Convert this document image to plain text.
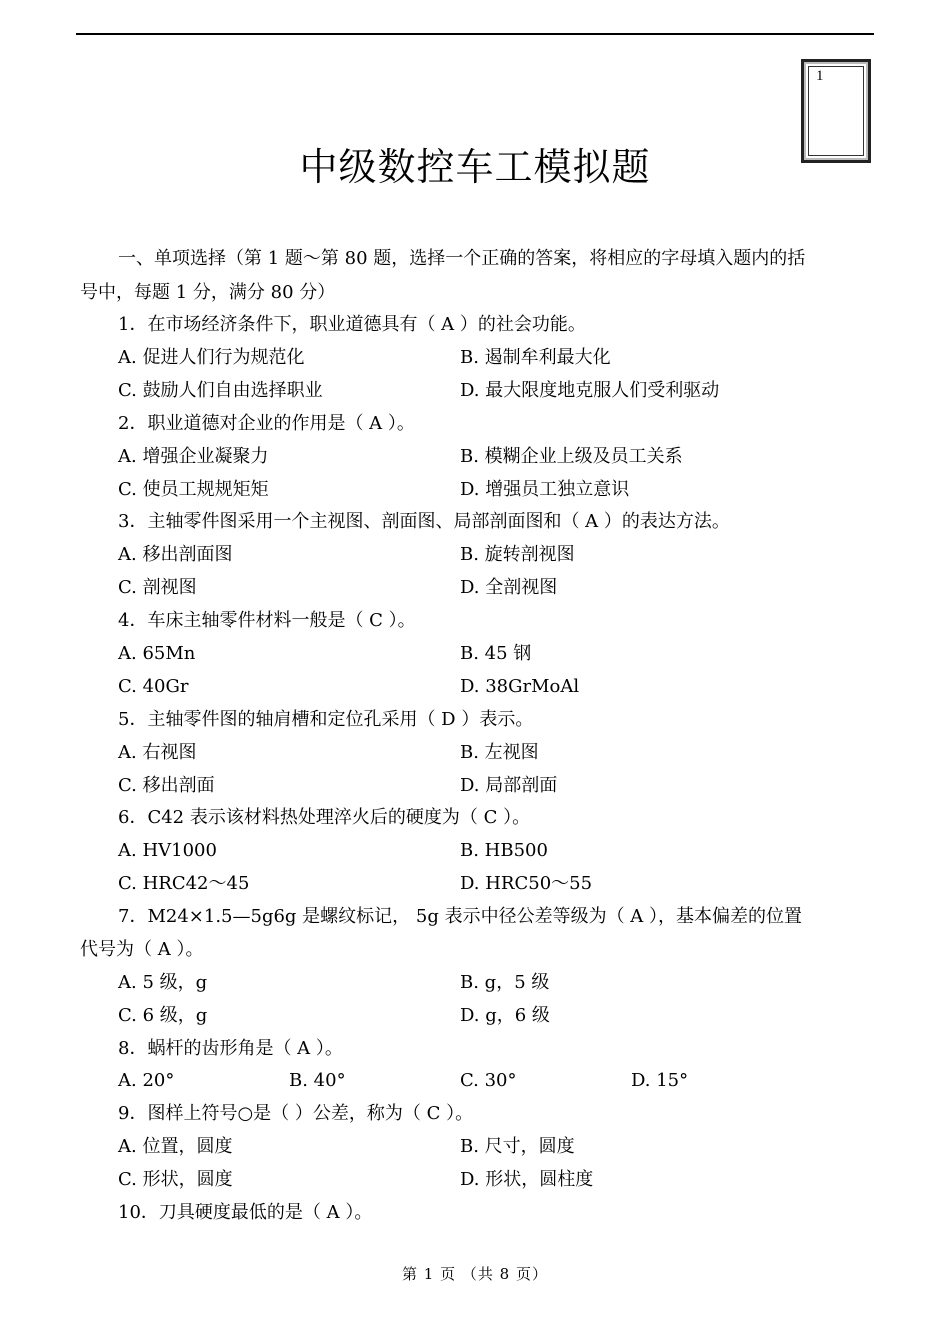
1
中级数控车工模拟题
一、单项选择（第 1 题～第 80 题，选择一个正确的答案，将相应的字母填入题内的括
号中，每题 1 分，满分 80 分）
1．在市场经济条件下，职业道德具有（ A ）的社会功能。
A. 促进人们行为规范化	B. 遏制牟利最大化
C. 鼓励人们自由选择职业	D. 最大限度地克服人们受利驱动
2．职业道德对企业的作用是（ A ）。
A. 增强企业凝聚力	B. 模糊企业上级及员工关系
C. 使员工规规矩矩	D. 增强员工独立意识
3．主轴零件图采用一个主视图、剖面图、局部剖面图和（ A ）的表达方法。
A. 移出剖面图	B. 旋转剖视图
C. 剖视图	D. 全剖视图
4．车床主轴零件材料一般是（ C ）。
A. 65Mn	B. 45 钢
C. 40Gr	D. 38GrMoAl
5．主轴零件图的轴肩槽和定位孔采用（ D ）表示。
A. 右视图	B. 左视图
C. 移出剖面	D. 局部剖面
6．C42 表示该材料热处理淬火后的硬度为（ C ）。
A. HV1000	B. HB500
C. HRC42～45	D. HRC50～55
7．M24×1.5—5g6g 是螺纹标记， 5g 表示中径公差等级为（ A ），基本偏差的位置
代号为（ A ）。
A. 5 级，g	B. g，5 级
C. 6 级，g	D. g，6 级
8．蜗杆的齿形角是（ A ）。
A. 20°	B. 40°	C. 30°	D. 15°
9．图样上符号○是（ ）公差，称为（ C ）。
A. 位置，圆度	B. 尺寸，圆度
C. 形状，圆度	D. 形状，圆柱度
10．刀具硬度最低的是（ A ）。
第 1 页 （共 8 页）
